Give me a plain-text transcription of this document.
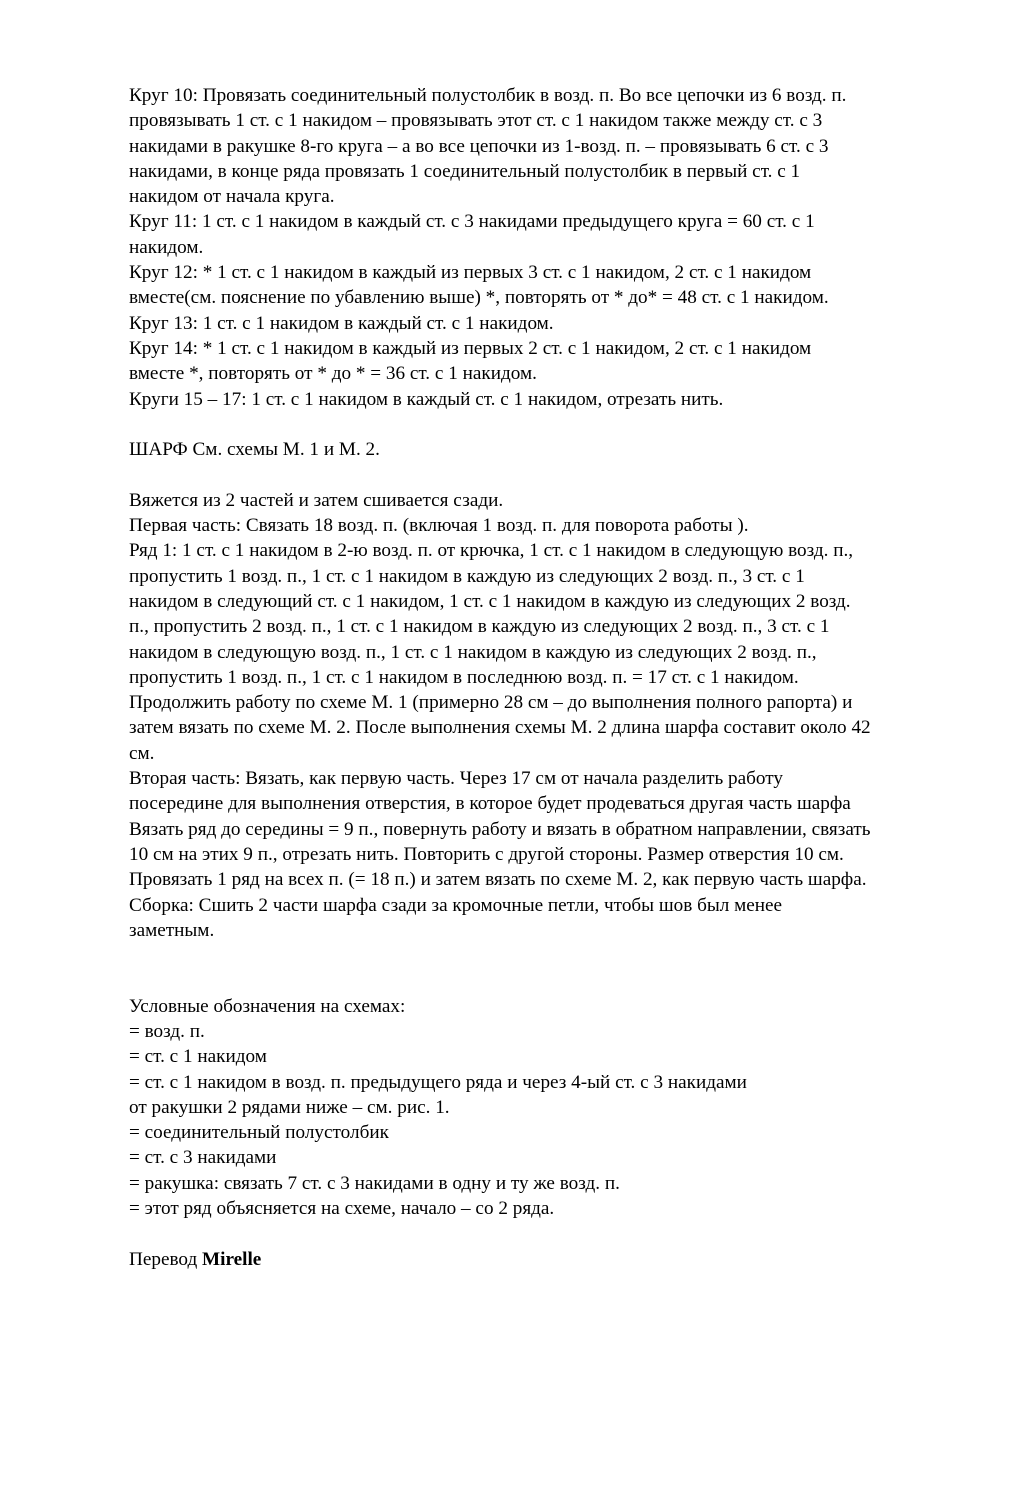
Круг 10: Провязать соединительный полустолбик в возд. п. Во все цепочки из 6 возд. п.
провязывать 1 ст. с 1 накидом – провязывать этот ст. с 1 накидом также между ст. с 3
накидами в ракушке 8-го круга – а во все цепочки из 1-возд. п. – провязывать 6 ст. с 3
накидами, в конце ряда провязать 1 соединительный полустолбик в первый ст. с 1
накидом от начала круга.

Круг 11: 1 ст. с 1 накидом в каждый ст. с 3 накидами предыдущего круга = 60 ст. с 1
накидом.

Круг 12: * 1 ст. с 1 накидом в каждый из первых 3 ст. с 1 накидом, 2 ст. с 1 накидом
вместе(см. пояснение по убавлению выше) *, повторять от * до* = 48 ст. с 1 накидом.

Круг 13: 1 ст. с 1 накидом в каждый ст. с 1 накидом.

Круг 14: * 1 ст. с 1 накидом в каждый из первых 2 ст. с 1 накидом, 2 ст. с 1 накидом
вместе *, повторять от * до * = 36 ст. с 1 накидом.

Круги 15 – 17: 1 ст. с 1 накидом в каждый ст. с 1 накидом, отрезать нить.

ШАРФ См. схемы М. 1 и М. 2.

Вяжется из 2 частей и затем сшивается сзади.

Первая часть: Связать 18 возд. п. (включая 1 возд. п. для поворота работы ).

Ряд 1: 1 ст. с 1 накидом в 2-ю возд. п. от крючка, 1 ст. с 1 накидом в следующую возд. п.,
пропустить 1 возд. п., 1 ст. с 1 накидом в каждую из следующих 2 возд. п., 3 ст. с 1
накидом в следующий ст. с 1 накидом, 1 ст. с 1 накидом в каждую из следующих 2 возд.
п., пропустить 2 возд. п., 1 ст. с 1 накидом в каждую из следующих 2 возд. п., 3 ст. с 1
накидом в следующую возд. п., 1 ст. с 1 накидом в каждую из следующих 2 возд. п.,
пропустить 1 возд. п., 1 ст. с 1 накидом в последнюю возд. п. = 17 ст. с 1 накидом.

Продолжить работу по схеме М. 1 (примерно 28 см – до выполнения полного рапорта) и
затем вязать по схеме М. 2. После выполнения схемы М. 2 длина шарфа составит около 42
см.

Вторая часть: Вязать, как первую часть. Через 17 см от начала разделить работу
посередине для выполнения отверстия, в которое будет продеваться другая часть шарфа
Вязать ряд до середины = 9 п., повернуть работу и вязать в обратном направлении, связать
10 см на этих 9 п., отрезать нить. Повторить с другой стороны. Размер отверстия 10 см.
Провязать 1 ряд на всех п. (= 18 п.) и затем вязать по схеме М. 2, как первую часть шарфа.

Сборка: Сшить 2 части шарфа сзади за кромочные петли, чтобы шов был менее
заметным.

Условные обозначения на схемах:

= возд. п.

= ст. с 1 накидом

= ст. с 1 накидом в возд. п. предыдущего ряда и через 4-ый ст. с 3 накидами
от ракушки 2 рядами ниже – см. рис. 1.

= соединительный полустолбик

= ст. с 3 накидами

= ракушка: связать 7 ст. с 3 накидами в одну и ту же возд. п.

= этот ряд объясняется на схеме, начало – со 2 ряда.

Перевод Mirelle
